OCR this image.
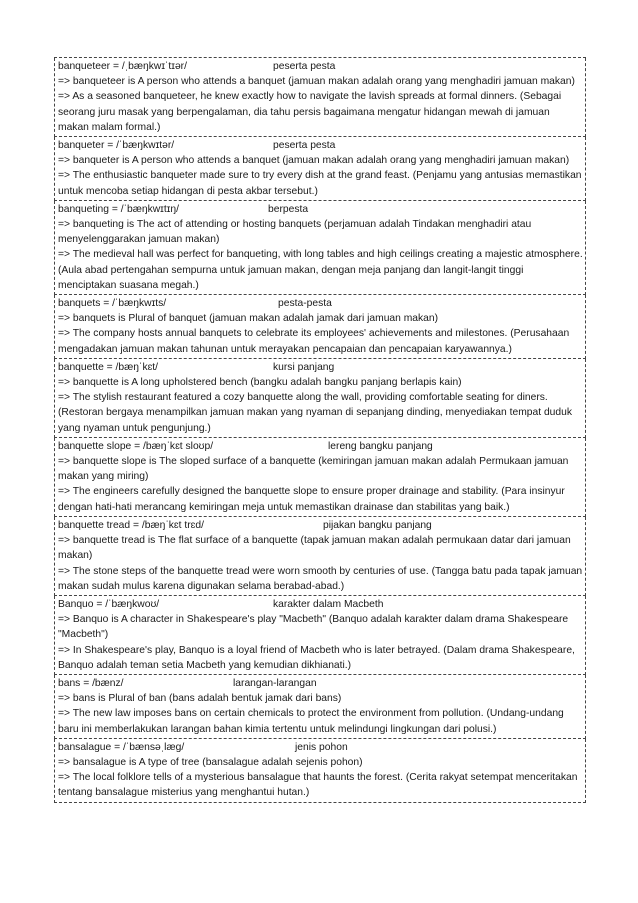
banqueteer = /ˌbæŋkwɪˈtɪər/	peserta pesta
=> banqueteer is A person who attends a banquet (jamuan makan adalah orang yang menghadiri jamuan makan)
=> As a seasoned banqueteer, he knew exactly how to navigate the lavish spreads at formal dinners. (Sebagai seorang juru masak yang berpengalaman, dia tahu persis bagaimana mengatur hidangan mewah di jamuan makan malam formal.)
banqueter = /ˈbæŋkwɪtər/	peserta pesta
=> banqueter is A person who attends a banquet (jamuan makan adalah orang yang menghadiri jamuan makan)
=> The enthusiastic banqueter made sure to try every dish at the grand feast. (Penjamu yang antusias memastikan untuk mencoba setiap hidangan di pesta akbar tersebut.)
banqueting = /ˈbæŋkwɪtɪŋ/	berpesta
=> banqueting is The act of attending or hosting banquets (perjamuan adalah Tindakan menghadiri atau menyelenggarakan jamuan makan)
=> The medieval hall was perfect for banqueting, with long tables and high ceilings creating a majestic atmosphere. (Aula abad pertengahan sempurna untuk jamuan makan, dengan meja panjang dan langit-langit tinggi menciptakan suasana megah.)
banquets = /ˈbæŋkwɪts/	pesta-pesta
=> banquets is Plural of banquet (jamuan makan adalah jamak dari jamuan makan)
=> The company hosts annual banquets to celebrate its employees' achievements and milestones. (Perusahaan mengadakan jamuan makan tahunan untuk merayakan pencapaian dan pencapaian karyawannya.)
banquette = /bæŋˈkɛt/	kursi panjang
=> banquette is A long upholstered bench (bangku adalah bangku panjang berlapis kain)
=> The stylish restaurant featured a cozy banquette along the wall, providing comfortable seating for diners. (Restoran bergaya menampilkan jamuan makan yang nyaman di sepanjang dinding, menyediakan tempat duduk yang nyaman untuk pengunjung.)
banquette slope = /bæŋˈkɛt sloʊp/	lereng bangku panjang
=> banquette slope is The sloped surface of a banquette (kemiringan jamuan makan adalah Permukaan jamuan makan yang miring)
=> The engineers carefully designed the banquette slope to ensure proper drainage and stability. (Para insinyur dengan hati-hati merancang kemiringan meja untuk memastikan drainase dan stabilitas yang baik.)
banquette tread = /bæŋˈkɛt trɛd/	pijakan bangku panjang
=> banquette tread is The flat surface of a banquette (tapak jamuan makan adalah permukaan datar dari jamuan makan)
=> The stone steps of the banquette tread were worn smooth by centuries of use. (Tangga batu pada tapak jamuan makan sudah mulus karena digunakan selama berabad-abad.)
Banquo = /ˈbæŋkwoʊ/	karakter dalam Macbeth
=> Banquo is A character in Shakespeare's play "Macbeth" (Banquo adalah karakter dalam drama Shakespeare "Macbeth")
=> In Shakespeare's play, Banquo is a loyal friend of Macbeth who is later betrayed. (Dalam drama Shakespeare, Banquo adalah teman setia Macbeth yang kemudian dikhianati.)
bans = /bænz/	larangan-larangan
=> bans is Plural of ban (bans adalah bentuk jamak dari bans)
=> The new law imposes bans on certain chemicals to protect the environment from pollution. (Undang-undang baru ini memberlakukan larangan bahan kimia tertentu untuk melindungi lingkungan dari polusi.)
bansalague = /ˈbænsəˌlæɡ/	jenis pohon
=> bansalague is A type of tree (bansalague adalah sejenis pohon)
=> The local folklore tells of a mysterious bansalague that haunts the forest. (Cerita rakyat setempat menceritakan tentang bansalague misterius yang menghantui hutan.)
